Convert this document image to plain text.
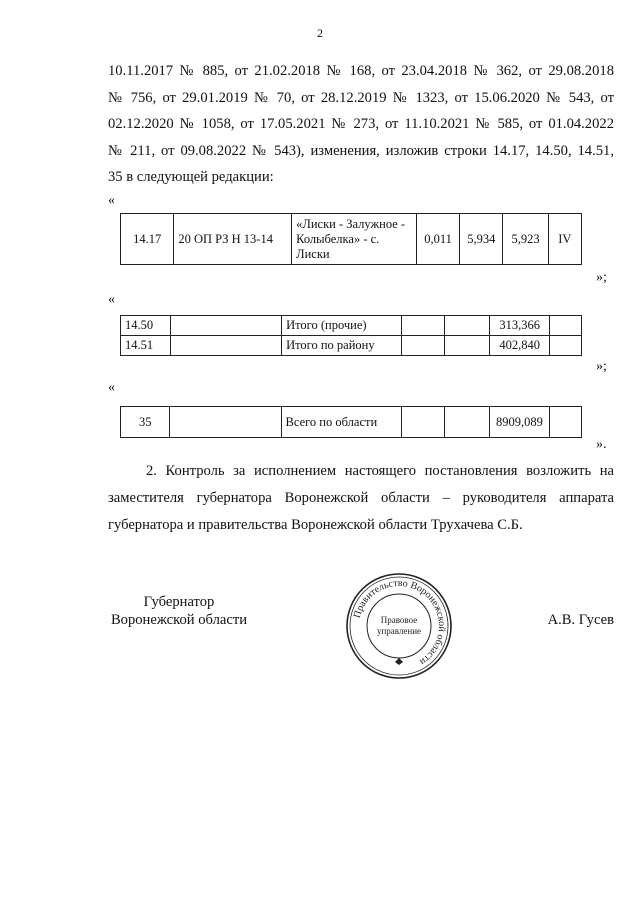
2
10.11.2017 № 885, от 21.02.2018 № 168, от 23.04.2018 № 362, от 29.08.2018
№ 756, от 29.01.2019 № 70, от 28.12.2019 № 1323, от 15.06.2020 № 543, от
02.12.2020 № 1058, от 17.05.2021 № 273, от 11.10.2021 № 585, от 01.04.2022
№ 211, от 09.08.2022 № 543), изменения, изложив строки 14.17, 14.50, 14.51,
35 в следующей редакции:
«
14.17	20 ОП РЗ Н 13-14	«Лиски - Залужное -
Колыбелка» - с.
Лиски	0,011	5,934	5,923	IV
»;
«
14.50		Итого (прочие)			313,366	
14.51		Итого по району			402,840	
»;
«
35		Всего по области			8909,089	
».
2. Контроль за исполнением настоящего постановления возложить на
заместителя губернатора Воронежской области – руководителя аппарата
губернатора и правительства Воронежской области Трухачева С.Б.
Губернатор
Воронежской области	А.В. Гусев
Правительство Воронежской области
Правовое
управление
